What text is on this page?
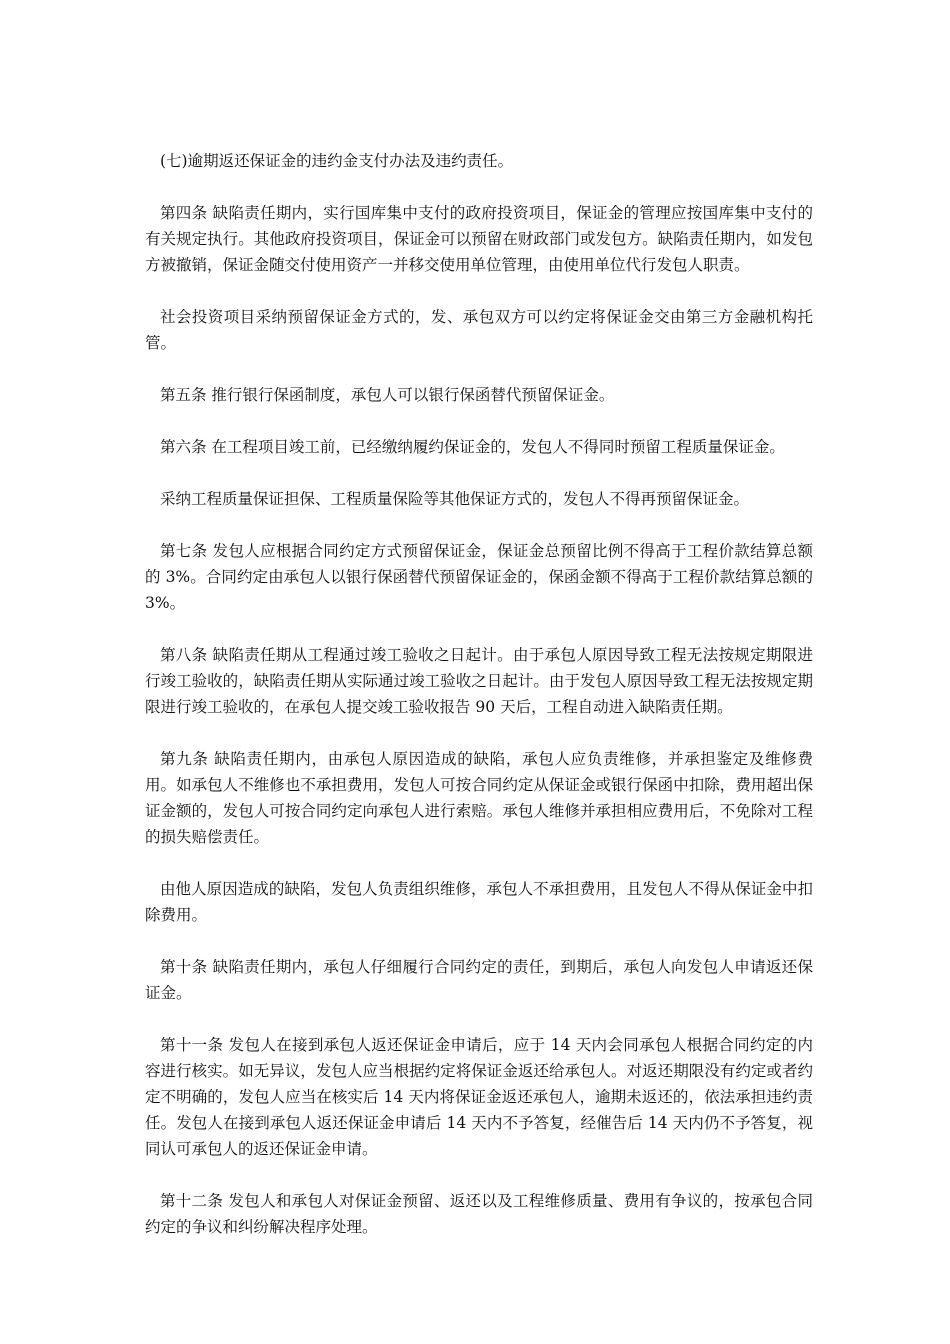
(七)逾期返还保证金的违约金支付办法及违约责任。

第四条 缺陷责任期内，实行国库集中支付的政府投资项目，保证金的管理应按国库集中支付的有关规定执行。其他政府投资项目，保证金可以预留在财政部门或发包方。缺陷责任期内，如发包方被撤销，保证金随交付使用资产一并移交使用单位管理，由使用单位代行发包人职责。

社会投资项目采纳预留保证金方式的，发、承包双方可以约定将保证金交由第三方金融机构托管。

第五条 推行银行保函制度，承包人可以银行保函替代预留保证金。

第六条 在工程项目竣工前，已经缴纳履约保证金的，发包人不得同时预留工程质量保证金。

采纳工程质量保证担保、工程质量保险等其他保证方式的，发包人不得再预留保证金。

第七条 发包人应根据合同约定方式预留保证金，保证金总预留比例不得高于工程价款结算总额的 3%。合同约定由承包人以银行保函替代预留保证金的，保函金额不得高于工程价款结算总额的 3%。

第八条 缺陷责任期从工程通过竣工验收之日起计。由于承包人原因导致工程无法按规定期限进行竣工验收的，缺陷责任期从实际通过竣工验收之日起计。由于发包人原因导致工程无法按规定期限进行竣工验收的，在承包人提交竣工验收报告 90 天后，工程自动进入缺陷责任期。

第九条 缺陷责任期内，由承包人原因造成的缺陷，承包人应负责维修，并承担鉴定及维修费用。如承包人不维修也不承担费用，发包人可按合同约定从保证金或银行保函中扣除，费用超出保证金额的，发包人可按合同约定向承包人进行索赔。承包人维修并承担相应费用后，不免除对工程的损失赔偿责任。

由他人原因造成的缺陷，发包人负责组织维修，承包人不承担费用，且发包人不得从保证金中扣除费用。

第十条 缺陷责任期内，承包人仔细履行合同约定的责任，到期后，承包人向发包人申请返还保证金。

第十一条 发包人在接到承包人返还保证金申请后，应于 14 天内会同承包人根据合同约定的内容进行核实。如无异议，发包人应当根据约定将保证金返还给承包人。对返还期限没有约定或者约定不明确的，发包人应当在核实后 14 天内将保证金返还承包人，逾期未返还的，依法承担违约责任。发包人在接到承包人返还保证金申请后 14 天内不予答复，经催告后 14 天内仍不予答复，视同认可承包人的返还保证金申请。

第十二条 发包人和承包人对保证金预留、返还以及工程维修质量、费用有争议的，按承包合同约定的争议和纠纷解决程序处理。
